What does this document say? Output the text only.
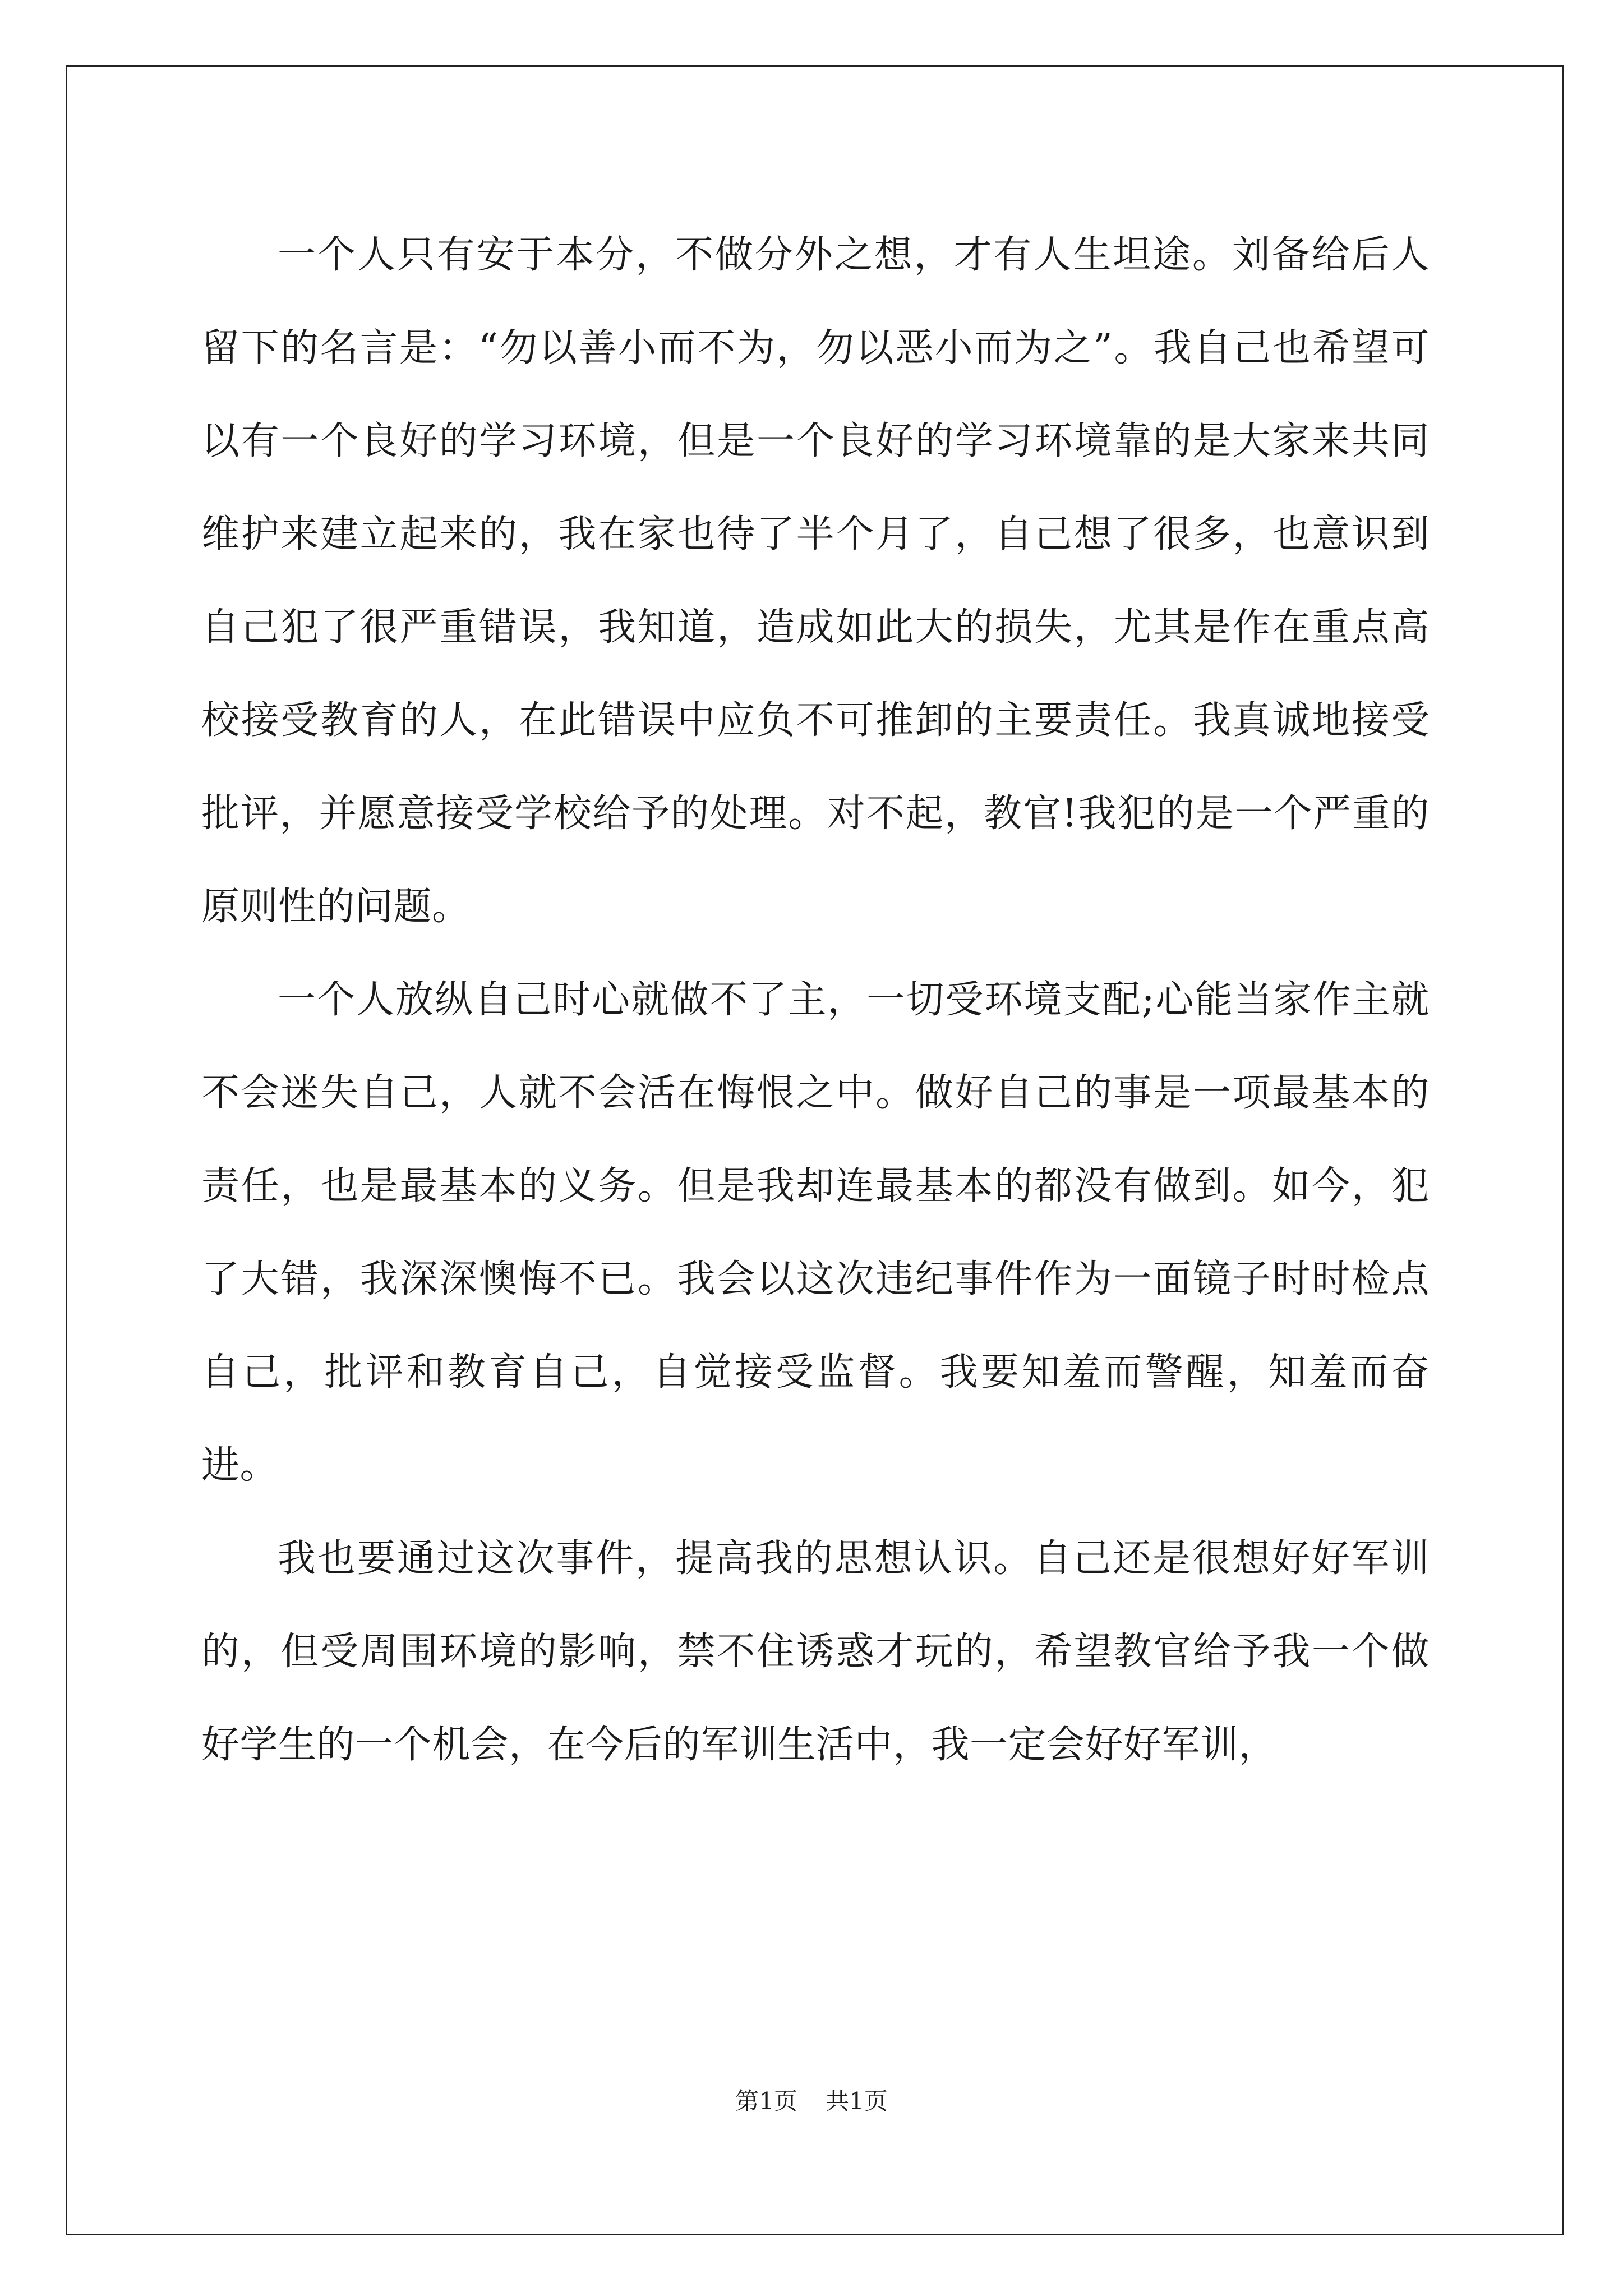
一个人只有安于本分，不做分外之想，才有人生坦途。刘备给后人留下的名言是：“勿以善小而不为，勿以恶小而为之”。我自己也希望可以有一个良好的学习环境，但是一个良好的学习环境靠的是大家来共同维护来建立起来的，我在家也待了半个月了，自己想了很多，也意识到自己犯了很严重错误，我知道，造成如此大的损失，尤其是作在重点高校接受教育的人，在此错误中应负不可推卸的主要责任。我真诚地接受批评，并愿意接受学校给予的处理。对不起，教官!我犯的是一个严重的原则性的问题。

一个人放纵自己时心就做不了主，一切受环境支配;心能当家作主就不会迷失自己，人就不会活在悔恨之中。做好自己的事是一项最基本的责任，也是最基本的义务。但是我却连最基本的都没有做到。如今，犯了大错，我深深懊悔不已。我会以这次违纪事件作为一面镜子时时检点自己，批评和教育自己，自觉接受监督。我要知羞而警醒，知羞而奋进。

我也要通过这次事件，提高我的思想认识。自己还是很想好好军训的，但受周围环境的影响，禁不住诱惑才玩的，希望教官给予我一个做好学生的一个机会，在今后的军训生活中，我一定会好好军训，

第1页 共1页
